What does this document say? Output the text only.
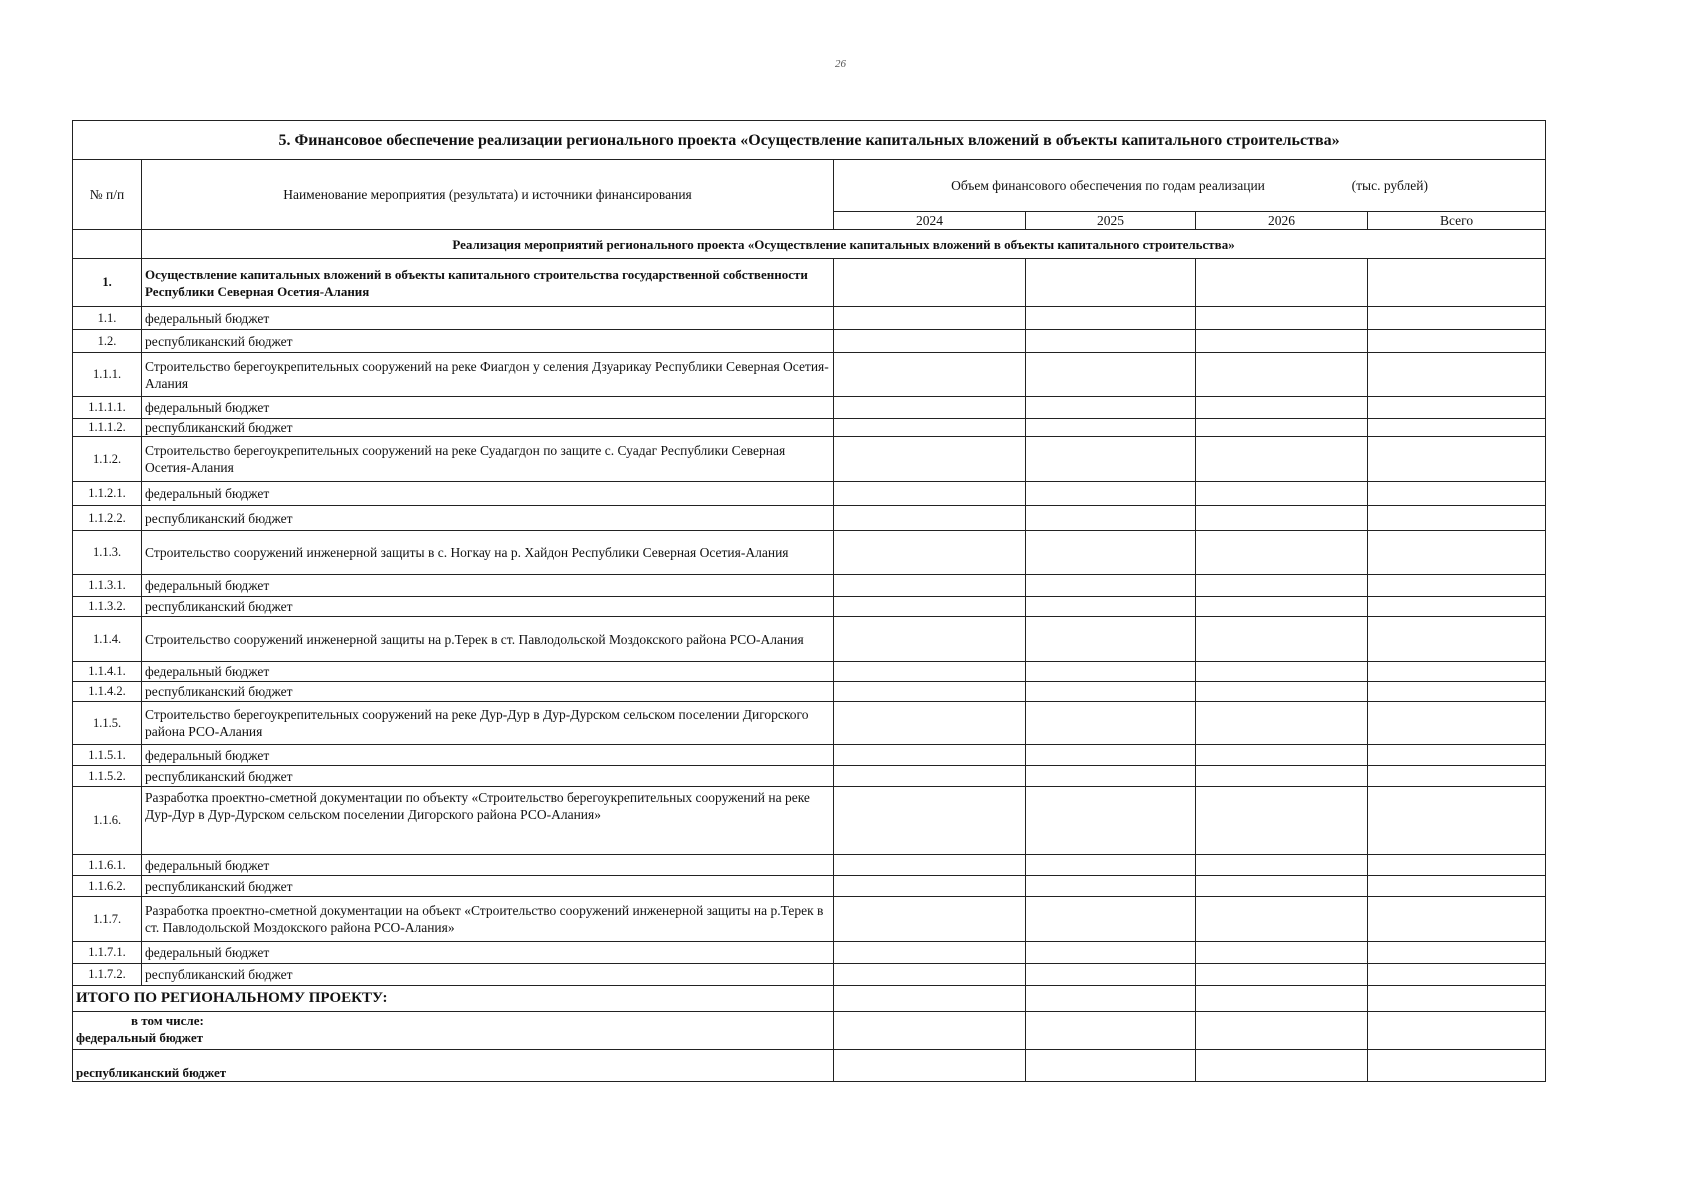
26
5. Финансовое обеспечение реализации регионального проекта «Осуществление капитальных вложений в объекты капитального строительства»					
№ п/п	Наименование мероприятия (результата) и источники финансирования	Объем финансового обеспечения по годам реализации (тыс. рублей)			
		2024	2025	2026	Всего
	Реализация мероприятий регионального проекта «Осуществление капитальных вложений в объекты капитального строительства»				
1.	Осуществление капитальных вложений в объекты капитального строительства государственной собственности Республики Северная Осетия-Алания				
1.1.	федеральный бюджет				
1.2.	республиканский бюджет				
1.1.1.	Строительство берегоукрепительных сооружений на реке Фиагдон у селения Дзуарикау Республики Северная Осетия-Алания				
1.1.1.1.	федеральный бюджет				
1.1.1.2.	республиканский бюджет				
1.1.2.	Строительство берегоукрепительных сооружений на реке Суадагдон по защите с. Суадаг Республики Северная Осетия-Алания				
1.1.2.1.	федеральный бюджет				
1.1.2.2.	республиканский бюджет				
1.1.3.	Строительство сооружений инженерной защиты в с. Ногкау на р. Хайдон Республики Северная Осетия-Алания				
1.1.3.1.	федеральный бюджет				
1.1.3.2.	республиканский бюджет				
1.1.4.	Строительство сооружений инженерной защиты на р.Терек в ст. Павлодольской Моздокского района РСО-Алания				
1.1.4.1.	федеральный бюджет				
1.1.4.2.	республиканский бюджет				
1.1.5.	Строительство берегоукрепительных сооружений на реке Дур-Дур в Дур-Дурском сельском поселении Дигорского района РСО-Алания				
1.1.5.1.	федеральный бюджет				
1.1.5.2.	республиканский бюджет				
1.1.6.	Разработка проектно-сметной документации по объекту «Строительство берегоукрепительных сооружений на реке Дур-Дур в Дур-Дурском сельском поселении Дигорского района РСО-Алания»				
1.1.6.1.	федеральный бюджет				
1.1.6.2.	республиканский бюджет				
1.1.7.	Разработка проектно-сметной документации на объект «Строительство сооружений инженерной защиты на р.Терек в ст. Павлодольской Моздокского района РСО-Алания»				
1.1.7.1.	федеральный бюджет				
1.1.7.2.	республиканский бюджет				
ИТОГО ПО РЕГИОНАЛЬНОМУ ПРОЕКТУ:					

в том числе:
федеральный бюджет					

республиканский бюджет					
